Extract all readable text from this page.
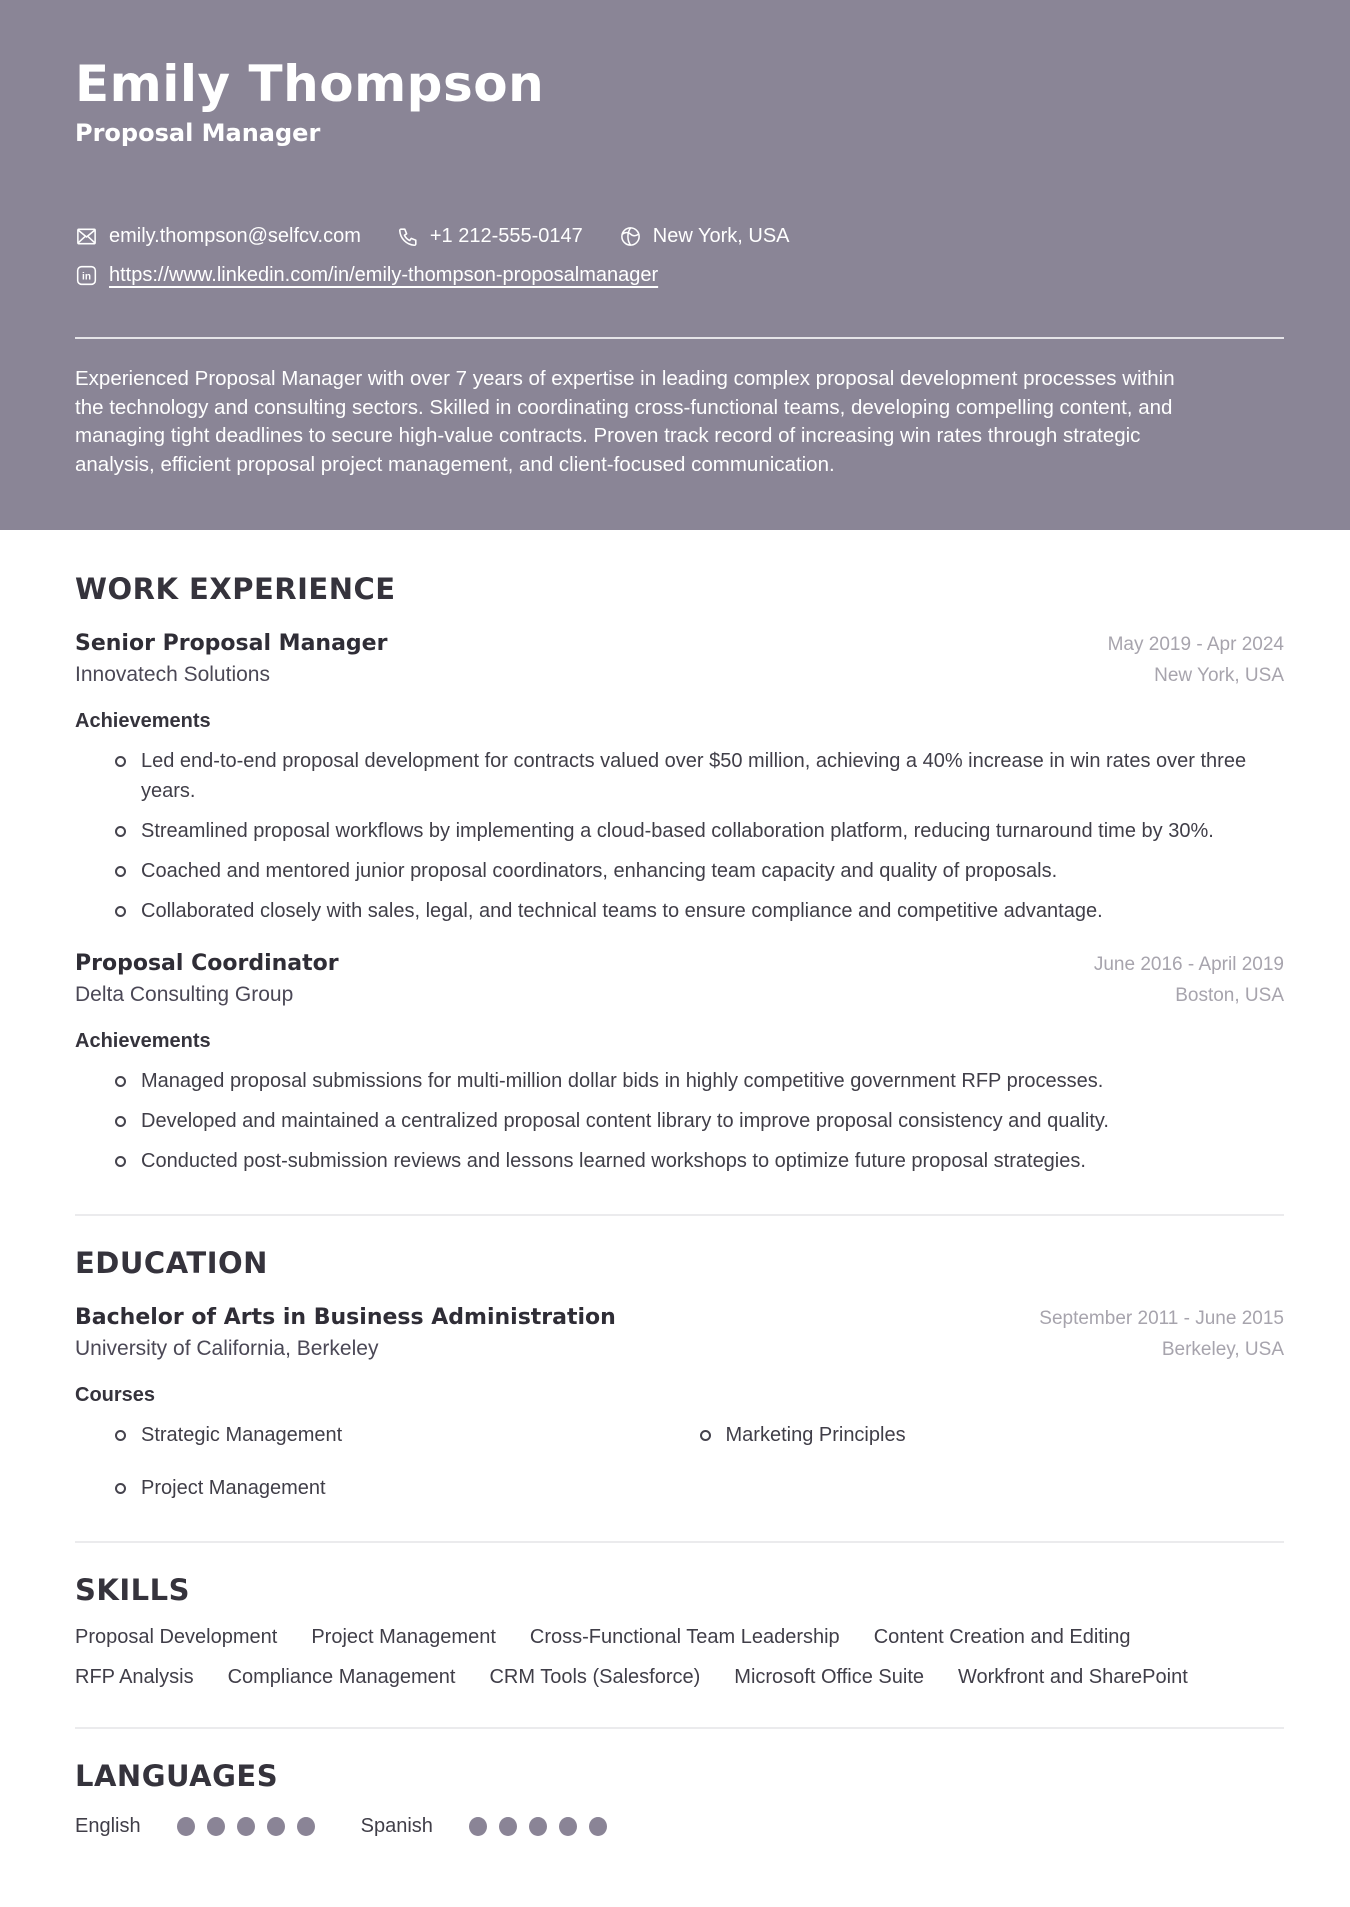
Emily Thompson
Proposal Manager
emily.thompson@selfcv.com	+1 212-555-0147	New York, USA
in https://www.linkedin.com/in/emily-thompson-proposalmanager

Experienced Proposal Manager with over 7 years of expertise in leading complex proposal development processes within the technology and consulting sectors. Skilled in coordinating cross-functional teams, developing compelling content, and managing tight deadlines to secure high-value contracts. Proven track record of increasing win rates through strategic analysis, efficient proposal project management, and client-focused communication.

WORK EXPERIENCE
Senior Proposal Manager	May 2019 - Apr 2024
Innovatech Solutions	New York, USA
Achievements
Led end-to-end proposal development for contracts valued over $50 million, achieving a 40% increase in win rates over three years.
Streamlined proposal workflows by implementing a cloud-based collaboration platform, reducing turnaround time by 30%.
Coached and mentored junior proposal coordinators, enhancing team capacity and quality of proposals.
Collaborated closely with sales, legal, and technical teams to ensure compliance and competitive advantage.
Proposal Coordinator	June 2016 - April 2019
Delta Consulting Group	Boston, USA
Achievements
Managed proposal submissions for multi-million dollar bids in highly competitive government RFP processes.
Developed and maintained a centralized proposal content library to improve proposal consistency and quality.
Conducted post-submission reviews and lessons learned workshops to optimize future proposal strategies.
EDUCATION
Bachelor of Arts in Business Administration	September 2011 - June 2015
University of California, Berkeley	Berkeley, USA
Courses
Strategic Management	Marketing Principles
Project Management
SKILLS
Proposal Development Project Management Cross-Functional Team Leadership Content Creation and Editing
RFP Analysis Compliance Management CRM Tools (Salesforce) Microsoft Office Suite Workfront and SharePoint
LANGUAGES
English	Spanish
